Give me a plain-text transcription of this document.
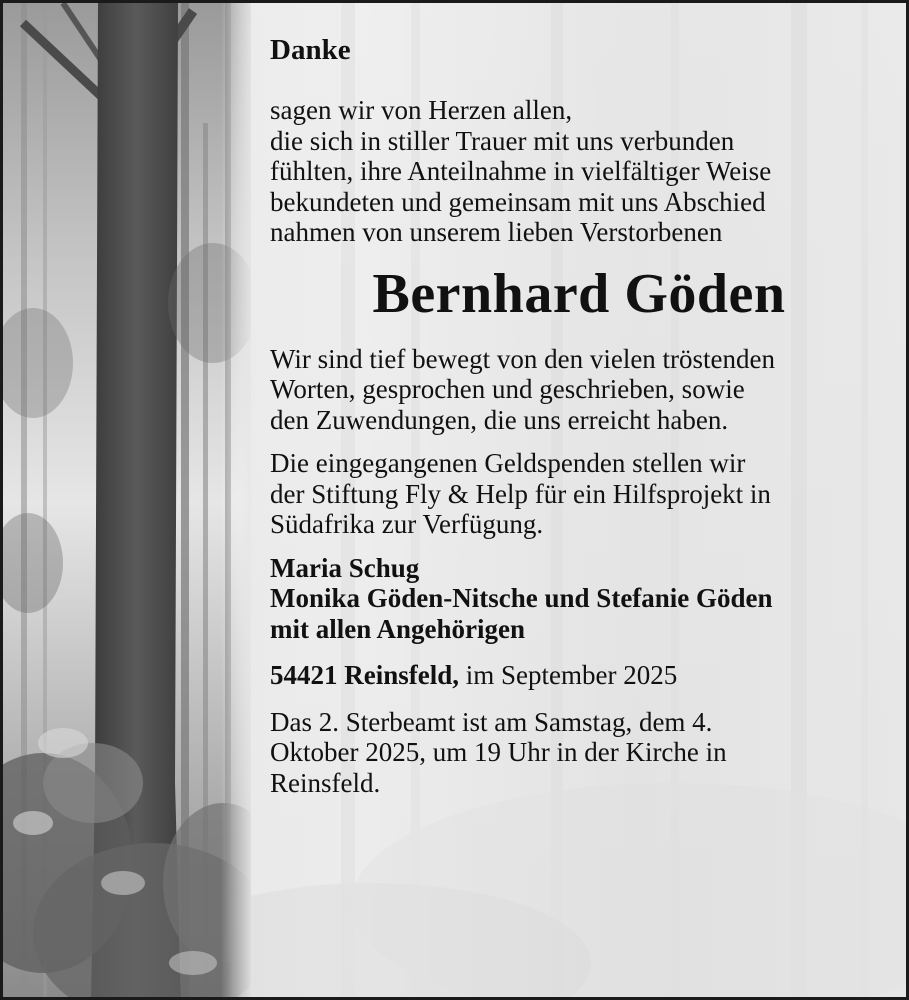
Danke

sagen wir von Herzen allen,

die sich in stiller Trauer mit uns verbunden

fühlten, ihre Anteilnahme in vielfältiger Weise

bekundeten und gemeinsam mit uns Abschied

nahmen von unserem lieben Verstorbenen

Bernhard Göden

Wir sind tief bewegt von den vielen tröstenden

Worten, gesprochen und geschrieben, sowie

den Zuwendungen, die uns erreicht haben.

Die eingegangenen Geldspenden stellen wir

der Stiftung Fly & Help für ein Hilfsprojekt in

Südafrika zur Verfügung.

Maria Schug

Monika Göden-Nitsche und Stefanie Göden

mit allen Angehörigen

54421 Reinsfeld, im September 2025

Das 2. Sterbeamt ist am Samstag, dem 4.

Oktober 2025, um 19 Uhr in der Kirche in

Reinsfeld.
